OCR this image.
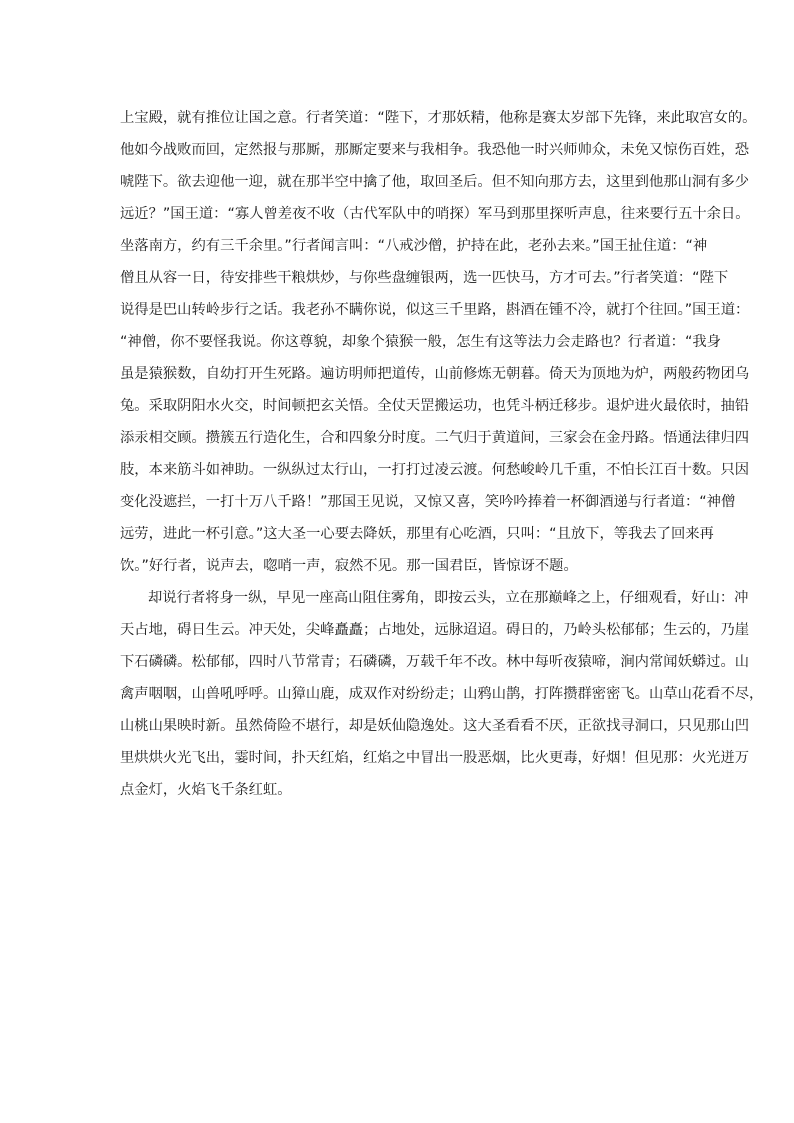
上宝殿，就有推位让国之意。行者笑道：“陛下，才那妖精，他称是赛太岁部下先锋，来此取宫女的。
他如今战败而回，定然报与那厮，那厮定要来与我相争。我恐他一时兴师帅众，未免又惊伤百姓，恐
唬陛下。欲去迎他一迎，就在那半空中擒了他，取回圣后。但不知向那方去，这里到他那山洞有多少
远近？”国王道：“寡人曾差夜不收（古代军队中的哨探）军马到那里探听声息，往来要行五十余日。
坐落南方，约有三千余里。”行者闻言叫：“八戒沙僧，护持在此，老孙去来。”国王扯住道：“神
僧且从容一日，待安排些干粮烘炒，与你些盘缠银两，选一匹快马，方才可去。”行者笑道：“陛下
说得是巴山转岭步行之话。我老孙不瞒你说，似这三千里路，斟酒在锺不冷，就打个往回。”国王道：
“神僧，你不要怪我说。你这尊貌，却象个猿猴一般，怎生有这等法力会走路也？行者道：“我身
虽是猿猴数，自幼打开生死路。遍访明师把道传，山前修炼无朝暮。倚天为顶地为炉，两般药物团乌
兔。采取阴阳水火交，时间顿把玄关悟。全仗天罡搬运功，也凭斗柄迁移步。退炉进火最依时，抽铅
添汞相交顾。攒簇五行造化生，合和四象分时度。二气归于黄道间，三家会在金丹路。悟通法律归四
肢，本来筋斗如神助。一纵纵过太行山，一打打过凌云渡。何愁峻岭几千重，不怕长江百十数。只因
变化没遮拦，一打十万八千路！”那国王见说，又惊又喜，笑吟吟捧着一杯御酒递与行者道：“神僧
远劳，进此一杯引意。”这大圣一心要去降妖，那里有心吃酒，只叫：“且放下，等我去了回来再
饮。”好行者，说声去，唿哨一声，寂然不见。那一国君臣，皆惊讶不题。
却说行者将身一纵，早见一座高山阻住雾角，即按云头，立在那巅峰之上，仔细观看，好山：冲
天占地，碍日生云。冲天处，尖峰矗矗；占地处，远脉迢迢。碍日的，乃岭头松郁郁；生云的，乃崖
下石磷磷。松郁郁，四时八节常青；石磷磷，万载千年不改。林中每听夜猿啼，涧内常闻妖蟒过。山
禽声咽咽，山兽吼呼呼。山獐山鹿，成双作对纷纷走；山鸦山鹊，打阵攒群密密飞。山草山花看不尽，
山桃山果映时新。虽然倚险不堪行，却是妖仙隐逸处。这大圣看看不厌，正欲找寻洞口，只见那山凹
里烘烘火光飞出，霎时间，扑天红焰，红焰之中冒出一股恶烟，比火更毒，好烟！但见那：火光迸万
点金灯，火焰飞千条红虹。
